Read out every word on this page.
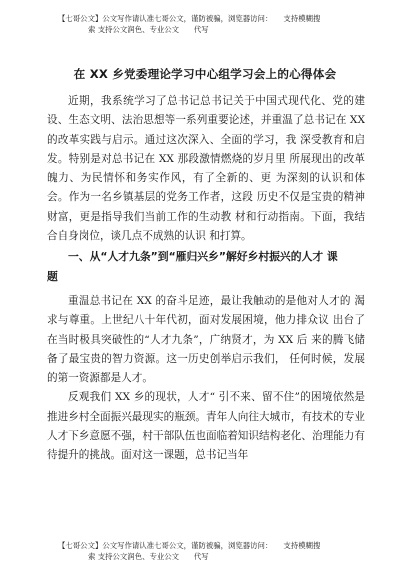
【七哥公文】公文写作请认准七哥公文，谨防被骗，浏览器访问：　　支持模糊搜
索 支持公文润色、专业公文　　代写
在 XX 乡党委理论学习中心组学习会上的心得体会

近期，我系统学习了总书记总书记关于中国式现代化、党的建设、生态文明、法治思想等一系列重要论述，并重温了总书记在 XX 的改革实践与启示。通过这次深入、全面的学习，我 深受教育和启发。特别是对总书记在 XX 那段激情燃烧的岁月里 所展现出的改革魄力、为民情怀和务实作风，有了全新的、更 为深刻的认识和体会。作为一名乡镇基层的党务工作者，这段 历史不仅是宝贵的精神财富，更是指导我们当前工作的生动教 材和行动指南。下面，我结合自身岗位，谈几点不成熟的认识 和打算。

一、从“人才九条”到“雁归兴乡”解好乡村振兴的人才 课
题

重温总书记在 XX 的奋斗足迹，最让我触动的是他对人才的 渴求与尊重。上世纪八十年代初，面对发展困境，他力排众议 出台了在当时极具突破性的“人才九条”，广纳贤才，为 XX 后 来的腾飞储备了最宝贵的智力资源。这一历史创举启示我们， 任何时候，发展的第一资源都是人才。

反观我们 XX 乡的现状，人才“ 引不来、留不住”的困境依然是推进乡村全面振兴最现实的瓶颈。青年人向往大城市，有技术的专业人才下乡意愿不强，村干部队伍也面临着知识结构老化、治理能力有待提升的挑战。面对这一课题，总书记当年

【七哥公文】公文写作请认准七哥公文，谨防被骗，浏览器访问：　　支持模糊搜
索 支持公文润色、专业公文　　代写
